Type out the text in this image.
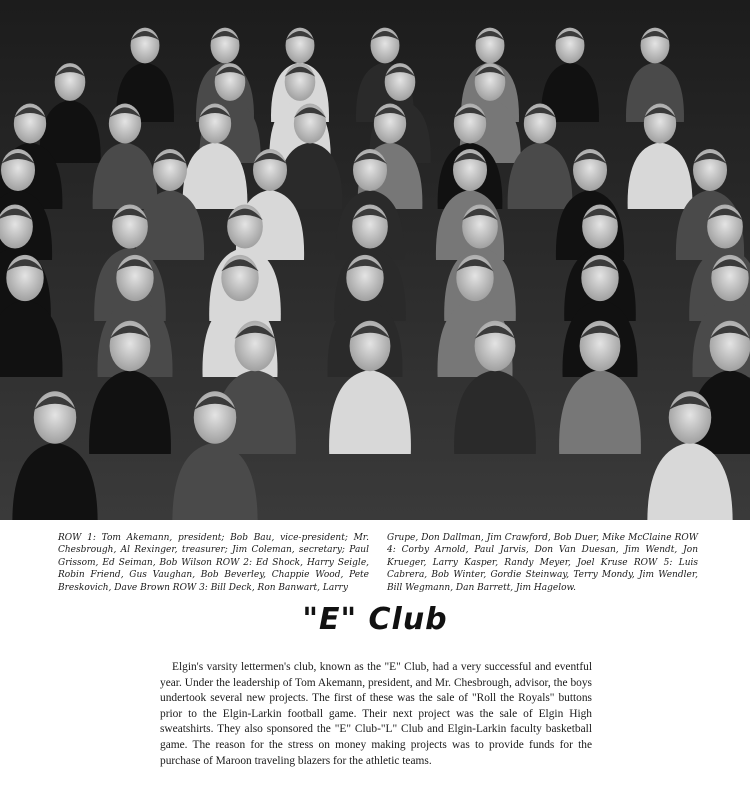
ROW 1: Tom Akemann, president; Bob Bau, vice-president; Mr. Chesbrough, Al Rexinger, treasurer; Jim Coleman, secretary; Paul Grissom, Ed Seiman, Bob Wilson ROW 2: Ed Shock, Harry Seigle, Robin Friend, Gus Vaughan, Bob Beverley, Chappie Wood, Pete Breskovich, Dave Brown ROW 3: Bill Deck, Ron Banwart, Larry
Grupe, Don Dallman, Jim Crawford, Bob Duer, Mike McClaine ROW 4: Corby Arnold, Paul Jarvis, Don Van Duesan, Jim Wendt, Jon Krueger, Larry Kasper, Randy Meyer, Joel Kruse ROW 5: Luis Cabrera, Bob Winter, Gordie Steinway, Terry Mondy, Jim Wendler, Bill Wegmann, Dan Barrett, Jim Hagelow.
"E" Club
Elgin's varsity lettermen's club, known as the "E" Club, had a very successful and eventful year. Under the leadership of Tom Akemann, president, and Mr. Chesbrough, advisor, the boys undertook several new projects. The first of these was the sale of "Roll the Royals" buttons prior to the Elgin-Larkin football game. Their next project was the sale of Elgin High sweatshirts. They also sponsored the "E" Club-"L" Club and Elgin-Larkin faculty basketball game. The reason for the stress on money making projects was to provide funds for the purchase of Maroon traveling blazers for the athletic teams.
